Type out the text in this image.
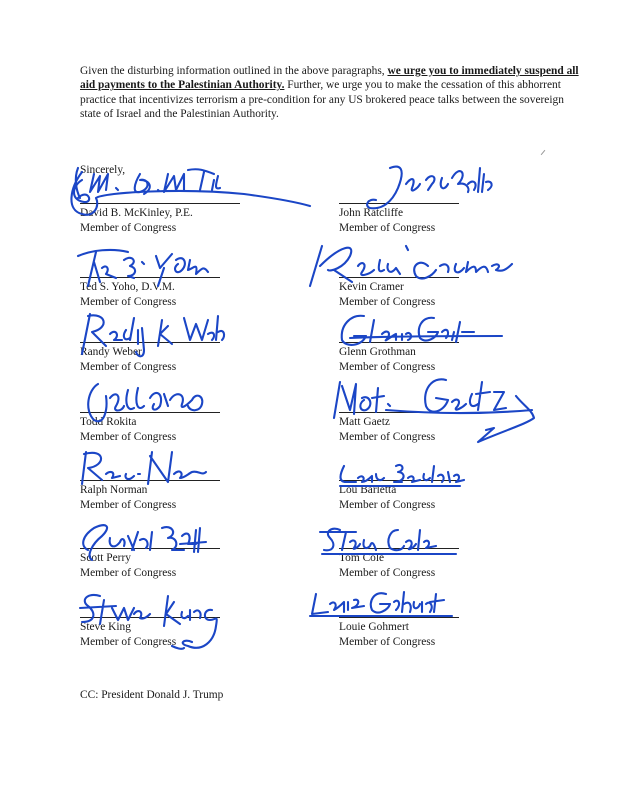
Given the disturbing information outlined in the above paragraphs, we urge you to immediately suspend all aid payments to the Palestinian Authority. Further, we urge you to make the cessation of this abhorrent practice that incentivizes terrorism a pre-condition for any US brokered peace talks between the sovereign state of Israel and the Palestinian Authority.

Sincerely,
David B. McKinley, P.E.
Member of Congress
Ted S. Yoho, D.V.M.
Member of Congress
Randy Weber
Member of Congress
Todd Rokita
Member of Congress
Ralph Norman
Member of Congress
Scott Perry
Member of Congress
Steve King
Member of Congress
John Ratcliffe
Member of Congress
Kevin Cramer
Member of Congress
Glenn Grothman
Member of Congress
Matt Gaetz
Member of Congress
Lou Barletta
Member of Congress
Tom Cole
Member of Congress
Louie Gohmert
Member of Congress
CC: President Donald J. Trump
